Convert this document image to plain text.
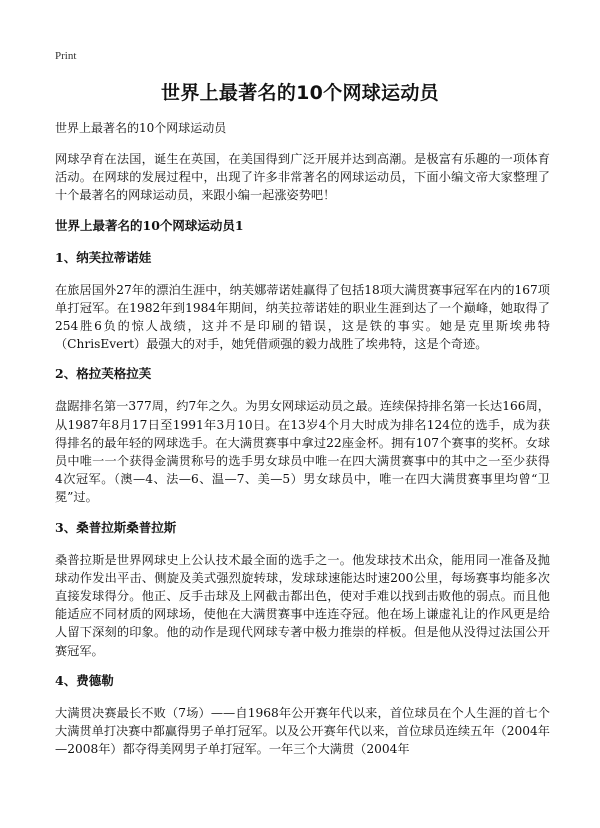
Print

世界上最著名的10个网球运动员

世界上最著名的10个网球运动员

网球孕育在法国，诞生在英国，在美国得到广泛开展并达到高潮。是极富有乐趣的一项体育活动。在网球的发展过程中，出现了许多非常著名的网球运动员，下面小编文帝大家整理了十个最著名的网球运动员，来跟小编一起涨姿势吧！

世界上最著名的10个网球运动员1

1、纳芙拉蒂诺娃

在旅居国外27年的漂泊生涯中，纳芙娜蒂诺娃赢得了包括18项大满贯赛事冠军在内的167项单打冠军。在1982年到1984年期间，纳芙拉蒂诺娃的职业生涯到达了一个巅峰，她取得了254胜6负的惊人战绩，这并不是印刷的错误，这是铁的事实。她是克里斯埃弗特（ChrisEvert）最强大的对手，她凭借顽强的毅力战胜了埃弗特，这是个奇迹。

2、格拉芙格拉芙

盘踞排名第一377周，约7年之久。为男女网球运动员之最。连续保持排名第一长达166周，从1987年8月17日至1991年3月10日。在13岁4个月大时成为排名124位的选手，成为获得排名的最年轻的网球选手。在大满贯赛事中拿过22座金杯。拥有107个赛事的奖杯。女球员中唯一一个获得金满贯称号的选手男女球员中唯一在四大满贯赛事中的其中之一至少获得4次冠军。（澳—4、法—6、温—7、美—5）男女球员中，唯一在四大满贯赛事里均曾“卫冕”过。

3、桑普拉斯桑普拉斯

桑普拉斯是世界网球史上公认技术最全面的选手之一。他发球技术出众，能用同一准备及抛球动作发出平击、侧旋及美式强烈旋转球，发球球速能达时速200公里，每场赛事均能多次直接发球得分。他正、反手击球及上网截击都出色，使对手难以找到击败他的弱点。而且他能适应不同材质的网球场，使他在大满贯赛事中连连夺冠。他在场上谦虚礼让的作风更是给人留下深刻的印象。他的动作是现代网球专著中极力推崇的样板。但是他从没得过法国公开赛冠军。

4、费德勒

大满贯决赛最长不败（7场）——自1968年公开赛年代以来，首位球员在个人生涯的首七个大满贯单打决赛中都赢得男子单打冠军。以及公开赛年代以来，首位球员连续五年（2004年—2008年）都夺得美网男子单打冠军。一年三个大满贯（2004年
